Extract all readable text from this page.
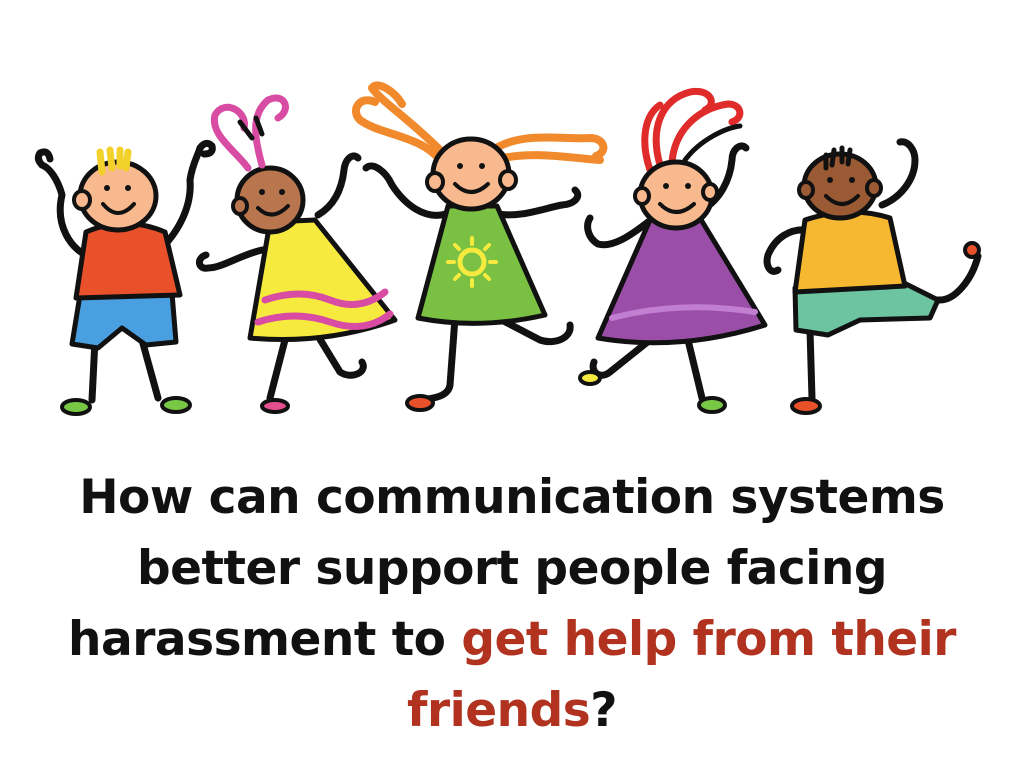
How can communication systems better support people facing harassment to get help from their friends?
